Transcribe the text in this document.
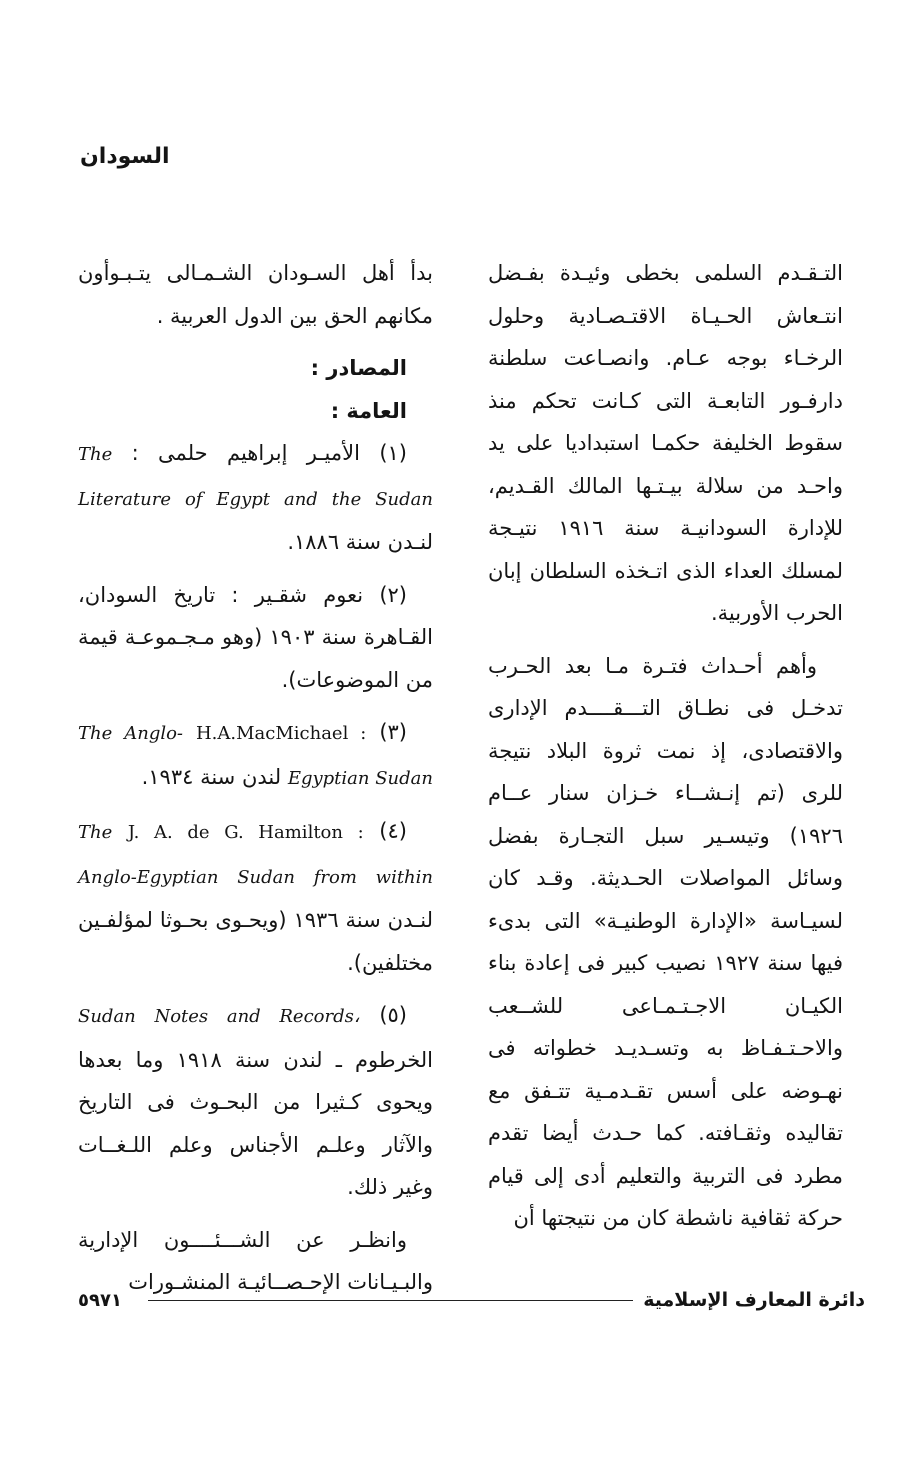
السودان

التـقـدم السلمى بخطى وئيـدة بفـضل انتـعاش الحـيـاة الاقتـصـادية وحلول الرخـاء بوجه عـام. وانصـاعت سلطنة دارفـور التابعـة التى كـانت تحكم منذ سقوط الخليفة حكمـا استبداديا على يد واحـد من سلالة بيـتـها المالك القـديم، للإدارة السودانيـة سنة ١٩١٦ نتيـجة لمسلك العداء الذى اتـخذه السلطان إبان الحرب الأوربية.

وأهم أحـداث فتـرة مـا بعد الحـرب تدخـل فى نطـاق التـــقــــدم الإدارى والاقتصادى، إذ نمت ثروة البلاد نتيجة للرى (تم إنـشــاء خـزان سنار عــام ١٩٢٦) وتيسـير سبل التجـارة بفضل وسائل المواصلات الحـديثة. وقـد كان لسيـاسة «الإدارة الوطنيـة» التى بدىء فيها سنة ١٩٢٧ نصيب كبير فى إعادة بناء الكيـان الاجـتـمـاعى للشــعب والاحـتـفـاظ به وتسـديـد خطواته فى نهـوضه على أسس تقـدمـية تتـفق مع تقاليده وثقـافته. كما حـدث أيضا تقدم مطرد فى التربية والتعليم أدى إلى قيام حركة ثقافية ناشطة كان من نتيجتها أن

بدأ أهل السـودان الشـمـالى يتـبـوأون مكانهم الحق بين الدول العربية .

المصادر :
العامة :
(١) الأميـر إبراهيم حلمى : The Literature of Egypt and the Sudan لنـدن سنة ١٨٨٦.
(٢) نعوم شقـير : تاريخ السودان، القـاهرة سنة ١٩٠٣ (وهو مـجـموعـة قيمة من الموضوعات).
(٣) H.A.MacMichael : The Anglo-Egyptian Sudan لندن سنة ١٩٣٤.
(٤) J. A. de G. Hamilton : The Anglo-Egyptian Sudan from within لنـدن سنة ١٩٣٦ (ويحـوى بحـوثا لمؤلفـين مختلفين).
(٥) Sudan Notes and Records، الخرطوم ـ لندن سنة ١٩١٨ وما بعدها ويحوى كـثيرا من البحـوث فى التاريخ والآثار وعلـم الأجناس وعلم اللـغــات وغير ذلك.

وانظـر عن الشـــئــــون الإدارية والبـيـانات الإحـصــائيـة المنشـورات

٥٩٧١	دائرة المعارف الإسلامية
